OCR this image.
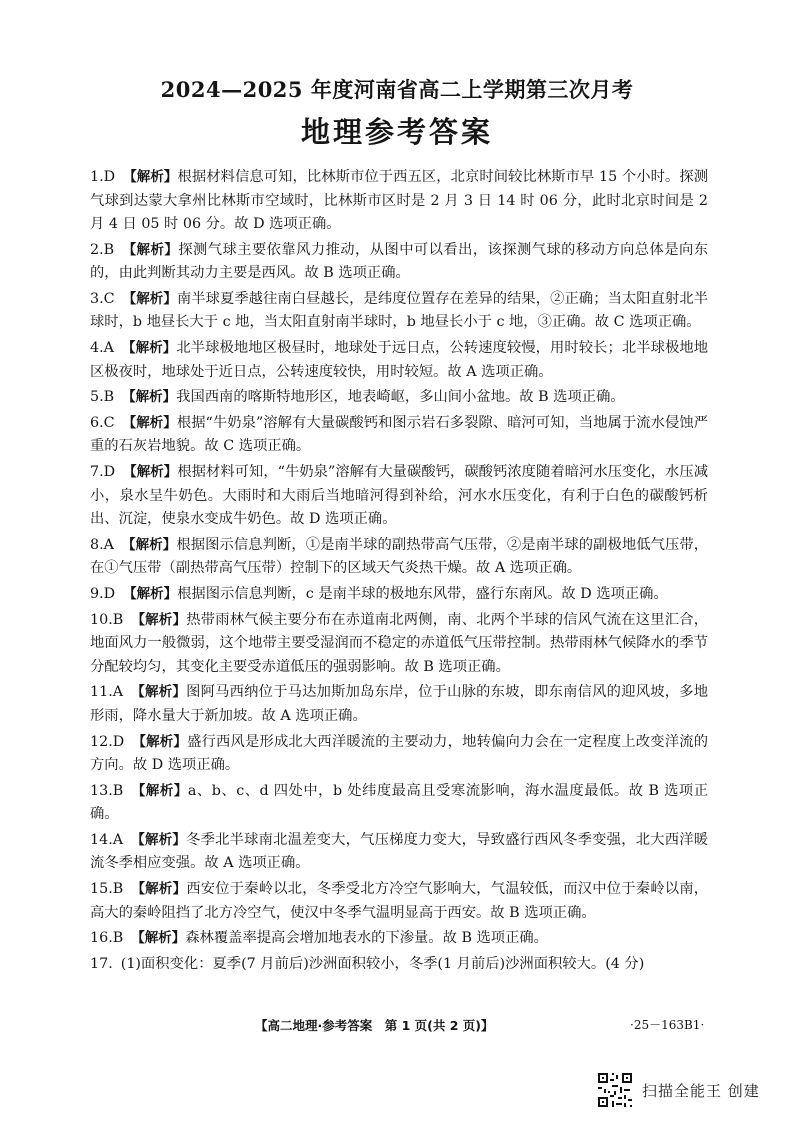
2024—2025 年度河南省高二上学期第三次月考
地理参考答案
1.D 【解析】根据材料信息可知，比林斯市位于西五区，北京时间较比林斯市早 15 个小时。探测气球到达蒙大拿州比林斯市空域时，比林斯市区时是 2 月 3 日 14 时 06 分，此时北京时间是 2 月 4 日 05 时 06 分。故 D 选项正确。
2.B 【解析】探测气球主要依靠风力推动，从图中可以看出，该探测气球的移动方向总体是向东的，由此判断其动力主要是西风。故 B 选项正确。
3.C 【解析】南半球夏季越往南白昼越长，是纬度位置存在差异的结果，②正确；当太阳直射北半球时，b 地昼长大于 c 地，当太阳直射南半球时，b 地昼长小于 c 地，③正确。故 C 选项正确。
4.A 【解析】北半球极地地区极昼时，地球处于远日点，公转速度较慢，用时较长；北半球极地地区极夜时，地球处于近日点，公转速度较快，用时较短。故 A 选项正确。
5.B 【解析】我国西南的喀斯特地形区，地表崎岖，多山间小盆地。故 B 选项正确。
6.C 【解析】根据“牛奶泉”溶解有大量碳酸钙和图示岩石多裂隙、暗河可知，当地属于流水侵蚀严重的石灰岩地貌。故 C 选项正确。
7.D 【解析】根据材料可知，“牛奶泉”溶解有大量碳酸钙，碳酸钙浓度随着暗河水压变化，水压减小，泉水呈牛奶色。大雨时和大雨后当地暗河得到补给，河水水压变化，有利于白色的碳酸钙析出、沉淀，使泉水变成牛奶色。故 D 选项正确。
8.A 【解析】根据图示信息判断，①是南半球的副热带高气压带，②是南半球的副极地低气压带，在①气压带（副热带高气压带）控制下的区域天气炎热干燥。故 A 选项正确。
9.D 【解析】根据图示信息判断，c 是南半球的极地东风带，盛行东南风。故 D 选项正确。
10.B 【解析】热带雨林气候主要分布在赤道南北两侧，南、北两个半球的信风气流在这里汇合，地面风力一般微弱，这个地带主要受湿润而不稳定的赤道低气压带控制。热带雨林气候降水的季节分配较均匀，其变化主要受赤道低压的强弱影响。故 B 选项正确。
11.A 【解析】图阿马西纳位于马达加斯加岛东岸，位于山脉的东坡，即东南信风的迎风坡，多地形雨，降水量大于新加坡。故 A 选项正确。
12.D 【解析】盛行西风是形成北大西洋暖流的主要动力，地转偏向力会在一定程度上改变洋流的方向。故 D 选项正确。
13.B 【解析】a、b、c、d 四处中，b 处纬度最高且受寒流影响，海水温度最低。故 B 选项正确。
14.A 【解析】冬季北半球南北温差变大，气压梯度力变大，导致盛行西风冬季变强，北大西洋暖流冬季相应变强。故 A 选项正确。
15.B 【解析】西安位于秦岭以北，冬季受北方冷空气影响大，气温较低，而汉中位于秦岭以南，高大的秦岭阻挡了北方冷空气，使汉中冬季气温明显高于西安。故 B 选项正确。
16.B 【解析】森林覆盖率提高会增加地表水的下渗量。故 B 选项正确。
17. (1)面积变化：夏季(7 月前后)沙洲面积较小，冬季(1 月前后)沙洲面积较大。(4 分)
【高二地理·参考答案　第 1 页(共 2 页)】	·25－163B1·
扫描全能王 创建
